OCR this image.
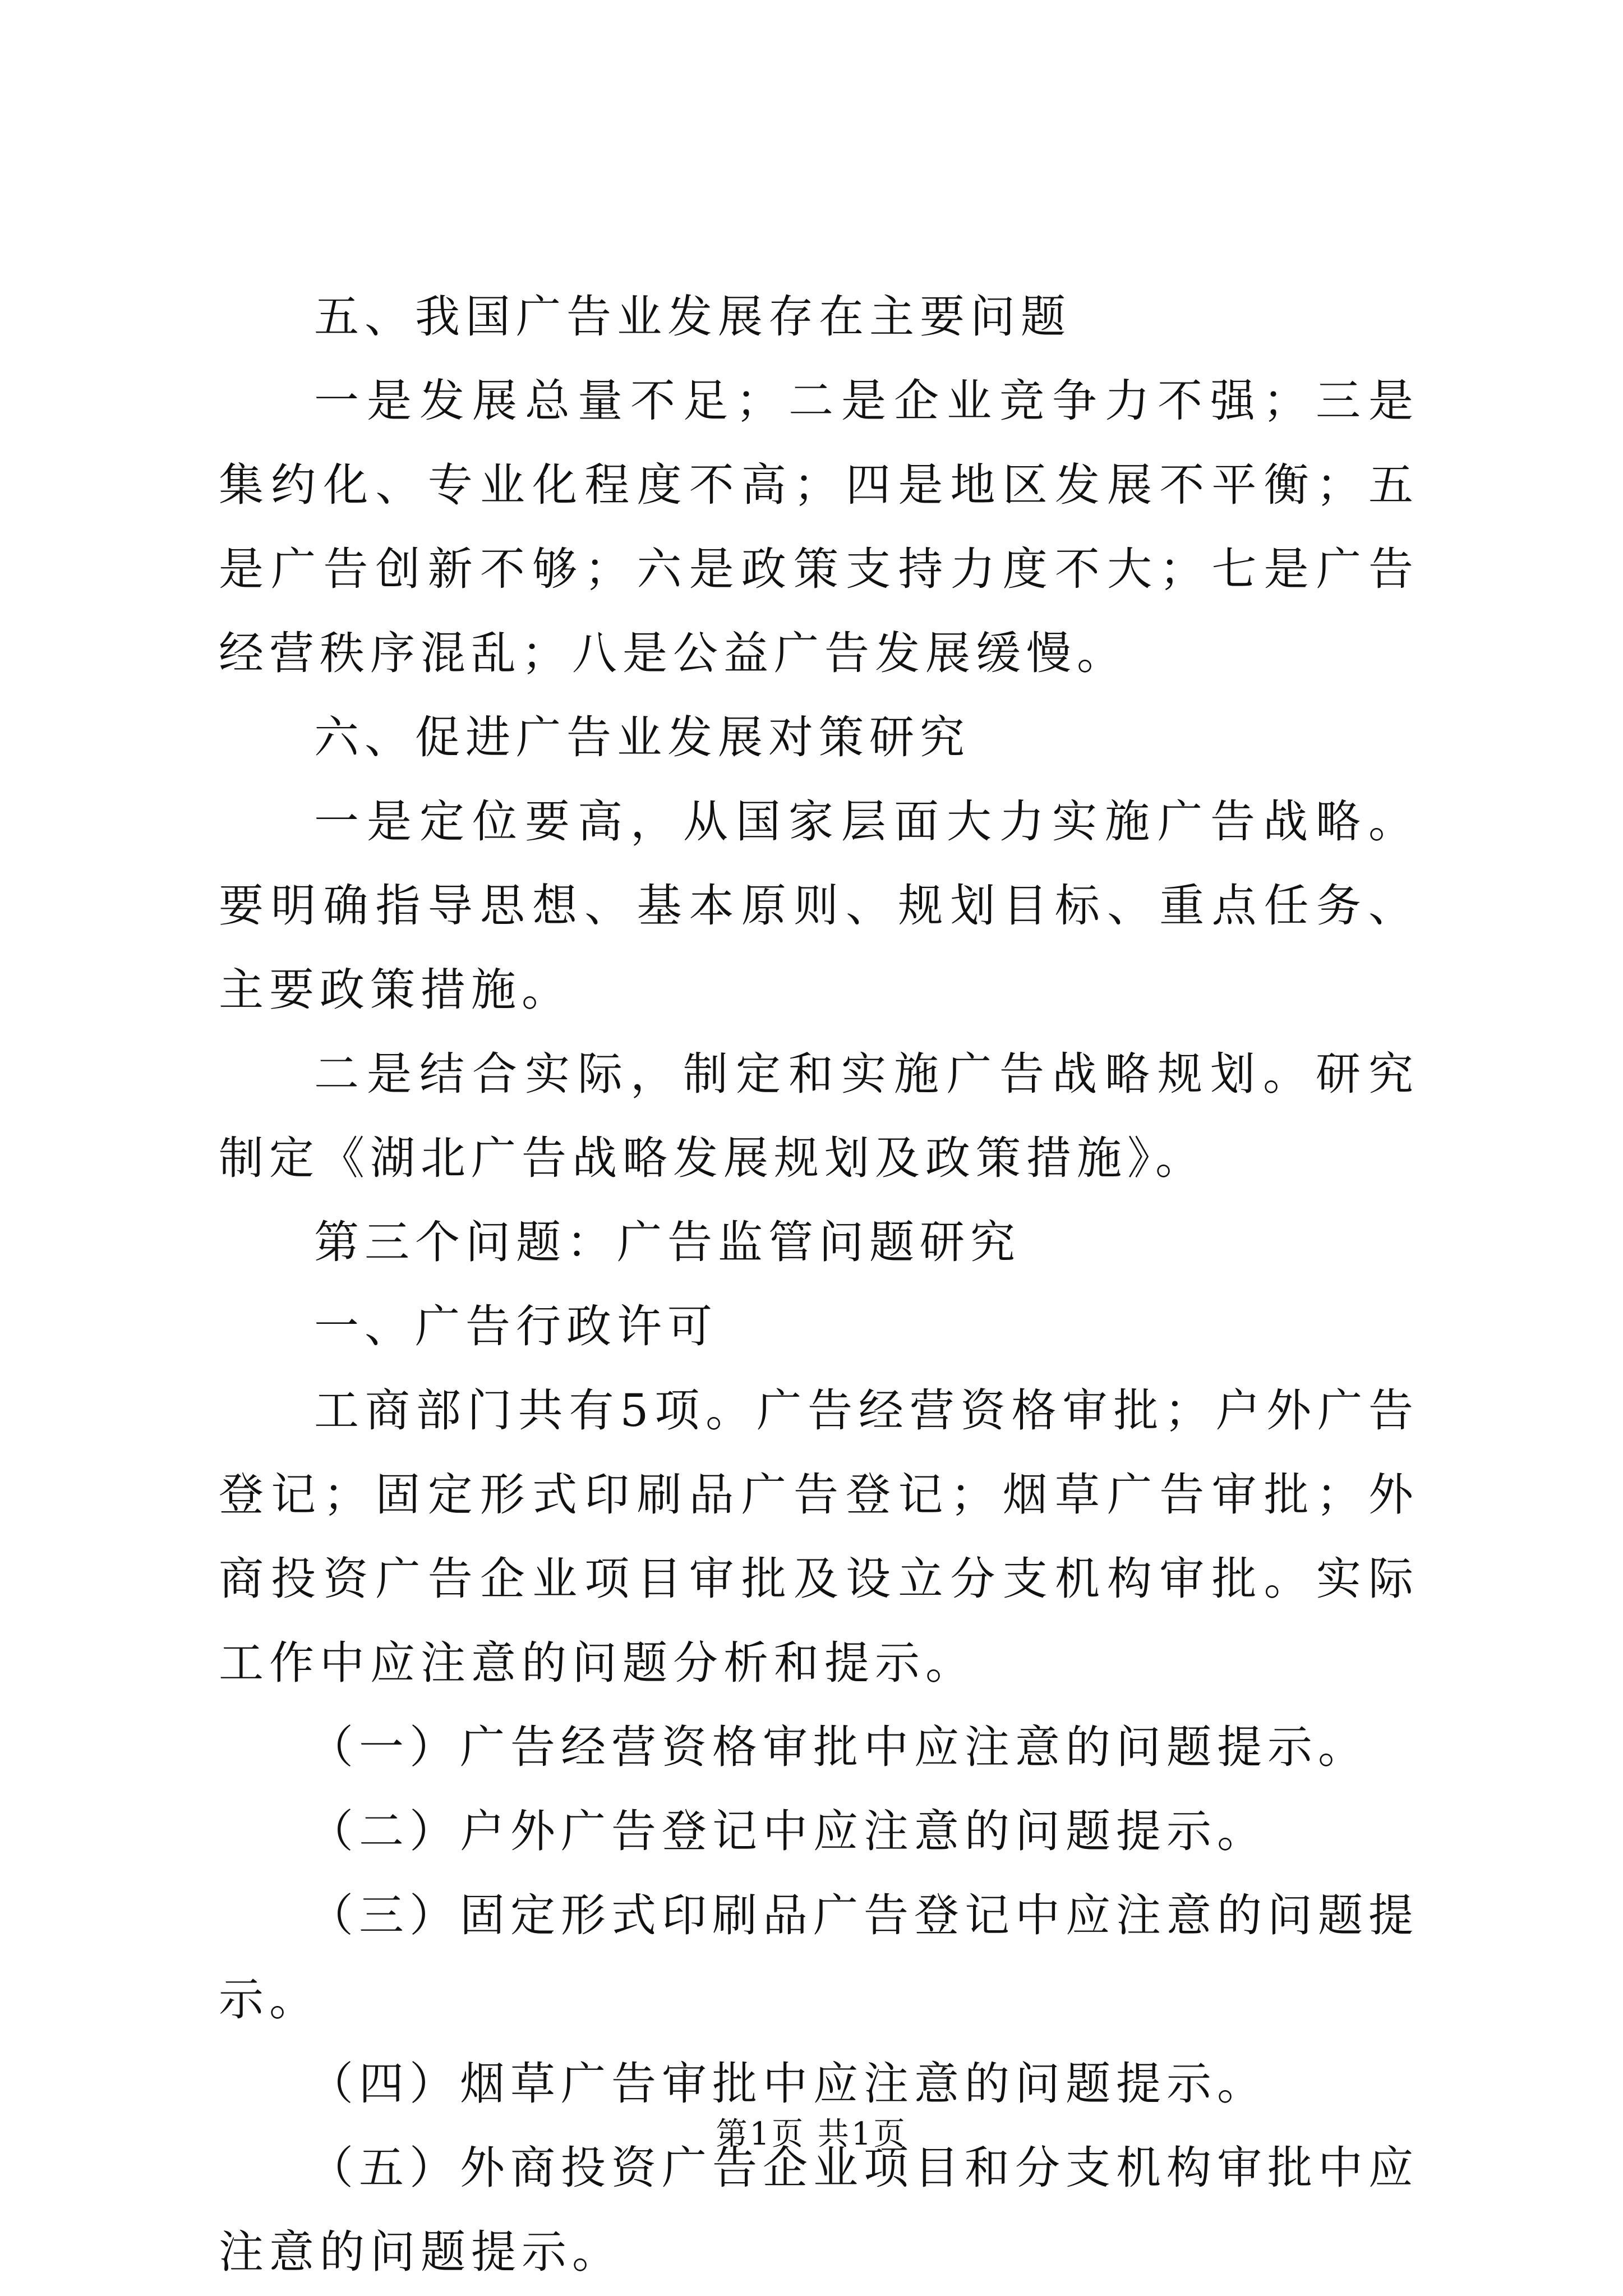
五、我国广告业发展存在主要问题

一是发展总量不足；二是企业竞争力不强；三是集约化、专业化程度不高；四是地区发展不平衡；五是广告创新不够；六是政策支持力度不大；七是广告经营秩序混乱；八是公益广告发展缓慢。

六、促进广告业发展对策研究

一是定位要高，从国家层面大力实施广告战略。要明确指导思想、基本原则、规划目标、重点任务、主要政策措施。

二是结合实际，制定和实施广告战略规划。研究制定《湖北广告战略发展规划及政策措施》。

第三个问题：广告监管问题研究

一、广告行政许可

工商部门共有5项。广告经营资格审批；户外广告登记；固定形式印刷品广告登记；烟草广告审批；外商投资广告企业项目审批及设立分支机构审批。实际工作中应注意的问题分析和提示。

（一）广告经营资格审批中应注意的问题提示。

（二）户外广告登记中应注意的问题提示。

（三）固定形式印刷品广告登记中应注意的问题提示。

（四）烟草广告审批中应注意的问题提示。

（五）外商投资广告企业项目和分支机构审批中应注意的问题提示。

第1页 共1页
